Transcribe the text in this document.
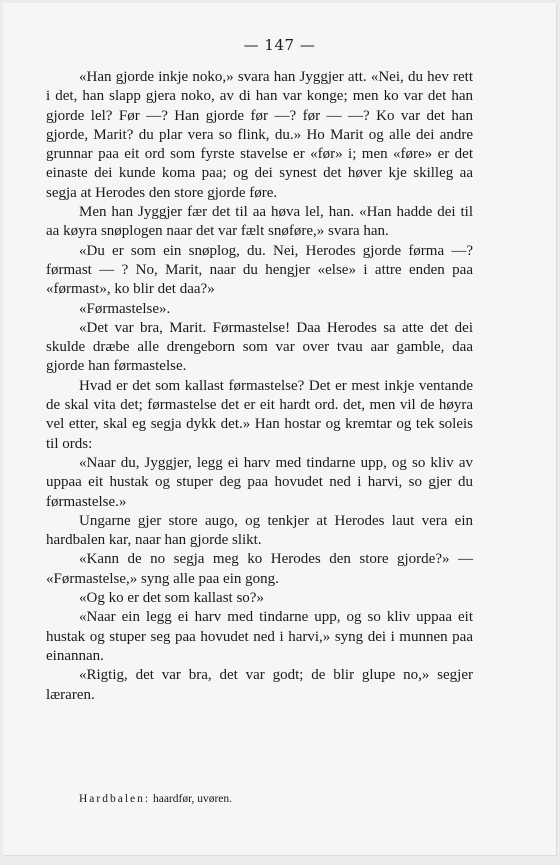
— 147 —

«Han gjorde inkje noko,» svara han Jyggjer att. «Nei, du hev rett i det, han slapp gjera noko, av di han var konge; men ko var det han gjorde lel? Før —? Han gjorde før —? før — —? Ko var det han gjorde, Marit? du plar vera so flink, du.» Ho Marit og alle dei andre grunnar paa eit ord som fyrste stavelse er «før» i; men «føre» er det einaste dei kunde koma paa; og dei synest det høver kje skilleg aa segja at Herodes den store gjorde føre.

Men han Jyggjer fær det til aa høva lel, han. «Han hadde dei til aa køyra snøplogen naar det var fælt snøføre,» svara han.

«Du er som ein snøplog, du. Nei, Herodes gjorde førma —? førmast — ? No, Marit, naar du hengjer «else» i attre enden paa «førmast», ko blir det daa?»

«Førmastelse».

«Det var bra, Marit. Førmastelse! Daa Herodes sa atte det dei skulde dræbe alle drengeborn som var over tvau aar gamble, daa gjorde han førmastelse.

Hvad er det som kallast førmastelse? Det er mest inkje ventande de skal vita det; førmastelse det er eit hardt ord. det, men vil de høyra vel etter, skal eg segja dykk det.» Han hostar og kremtar og tek soleis til ords:

«Naar du, Jyggjer, legg ei harv med tindarne upp, og so kliv av uppaa eit hustak og stuper deg paa hovudet ned i harvi, so gjer du førmastelse.»

Ungarne gjer store augo, og tenkjer at Herodes laut vera ein hardbalen kar, naar han gjorde slikt.

«Kann de no segja meg ko Herodes den store gjorde?» — «Førmastelse,» syng alle paa ein gong.

«Og ko er det som kallast so?»

«Naar ein legg ei harv med tindarne upp, og so kliv uppaa eit hustak og stuper seg paa hovudet ned i harvi,» syng dei i munnen paa einannan.

«Rigtig, det var bra, det var godt; de blir glupe no,» segjer læraren.

Hardbalen: haardfør, uvøren.
